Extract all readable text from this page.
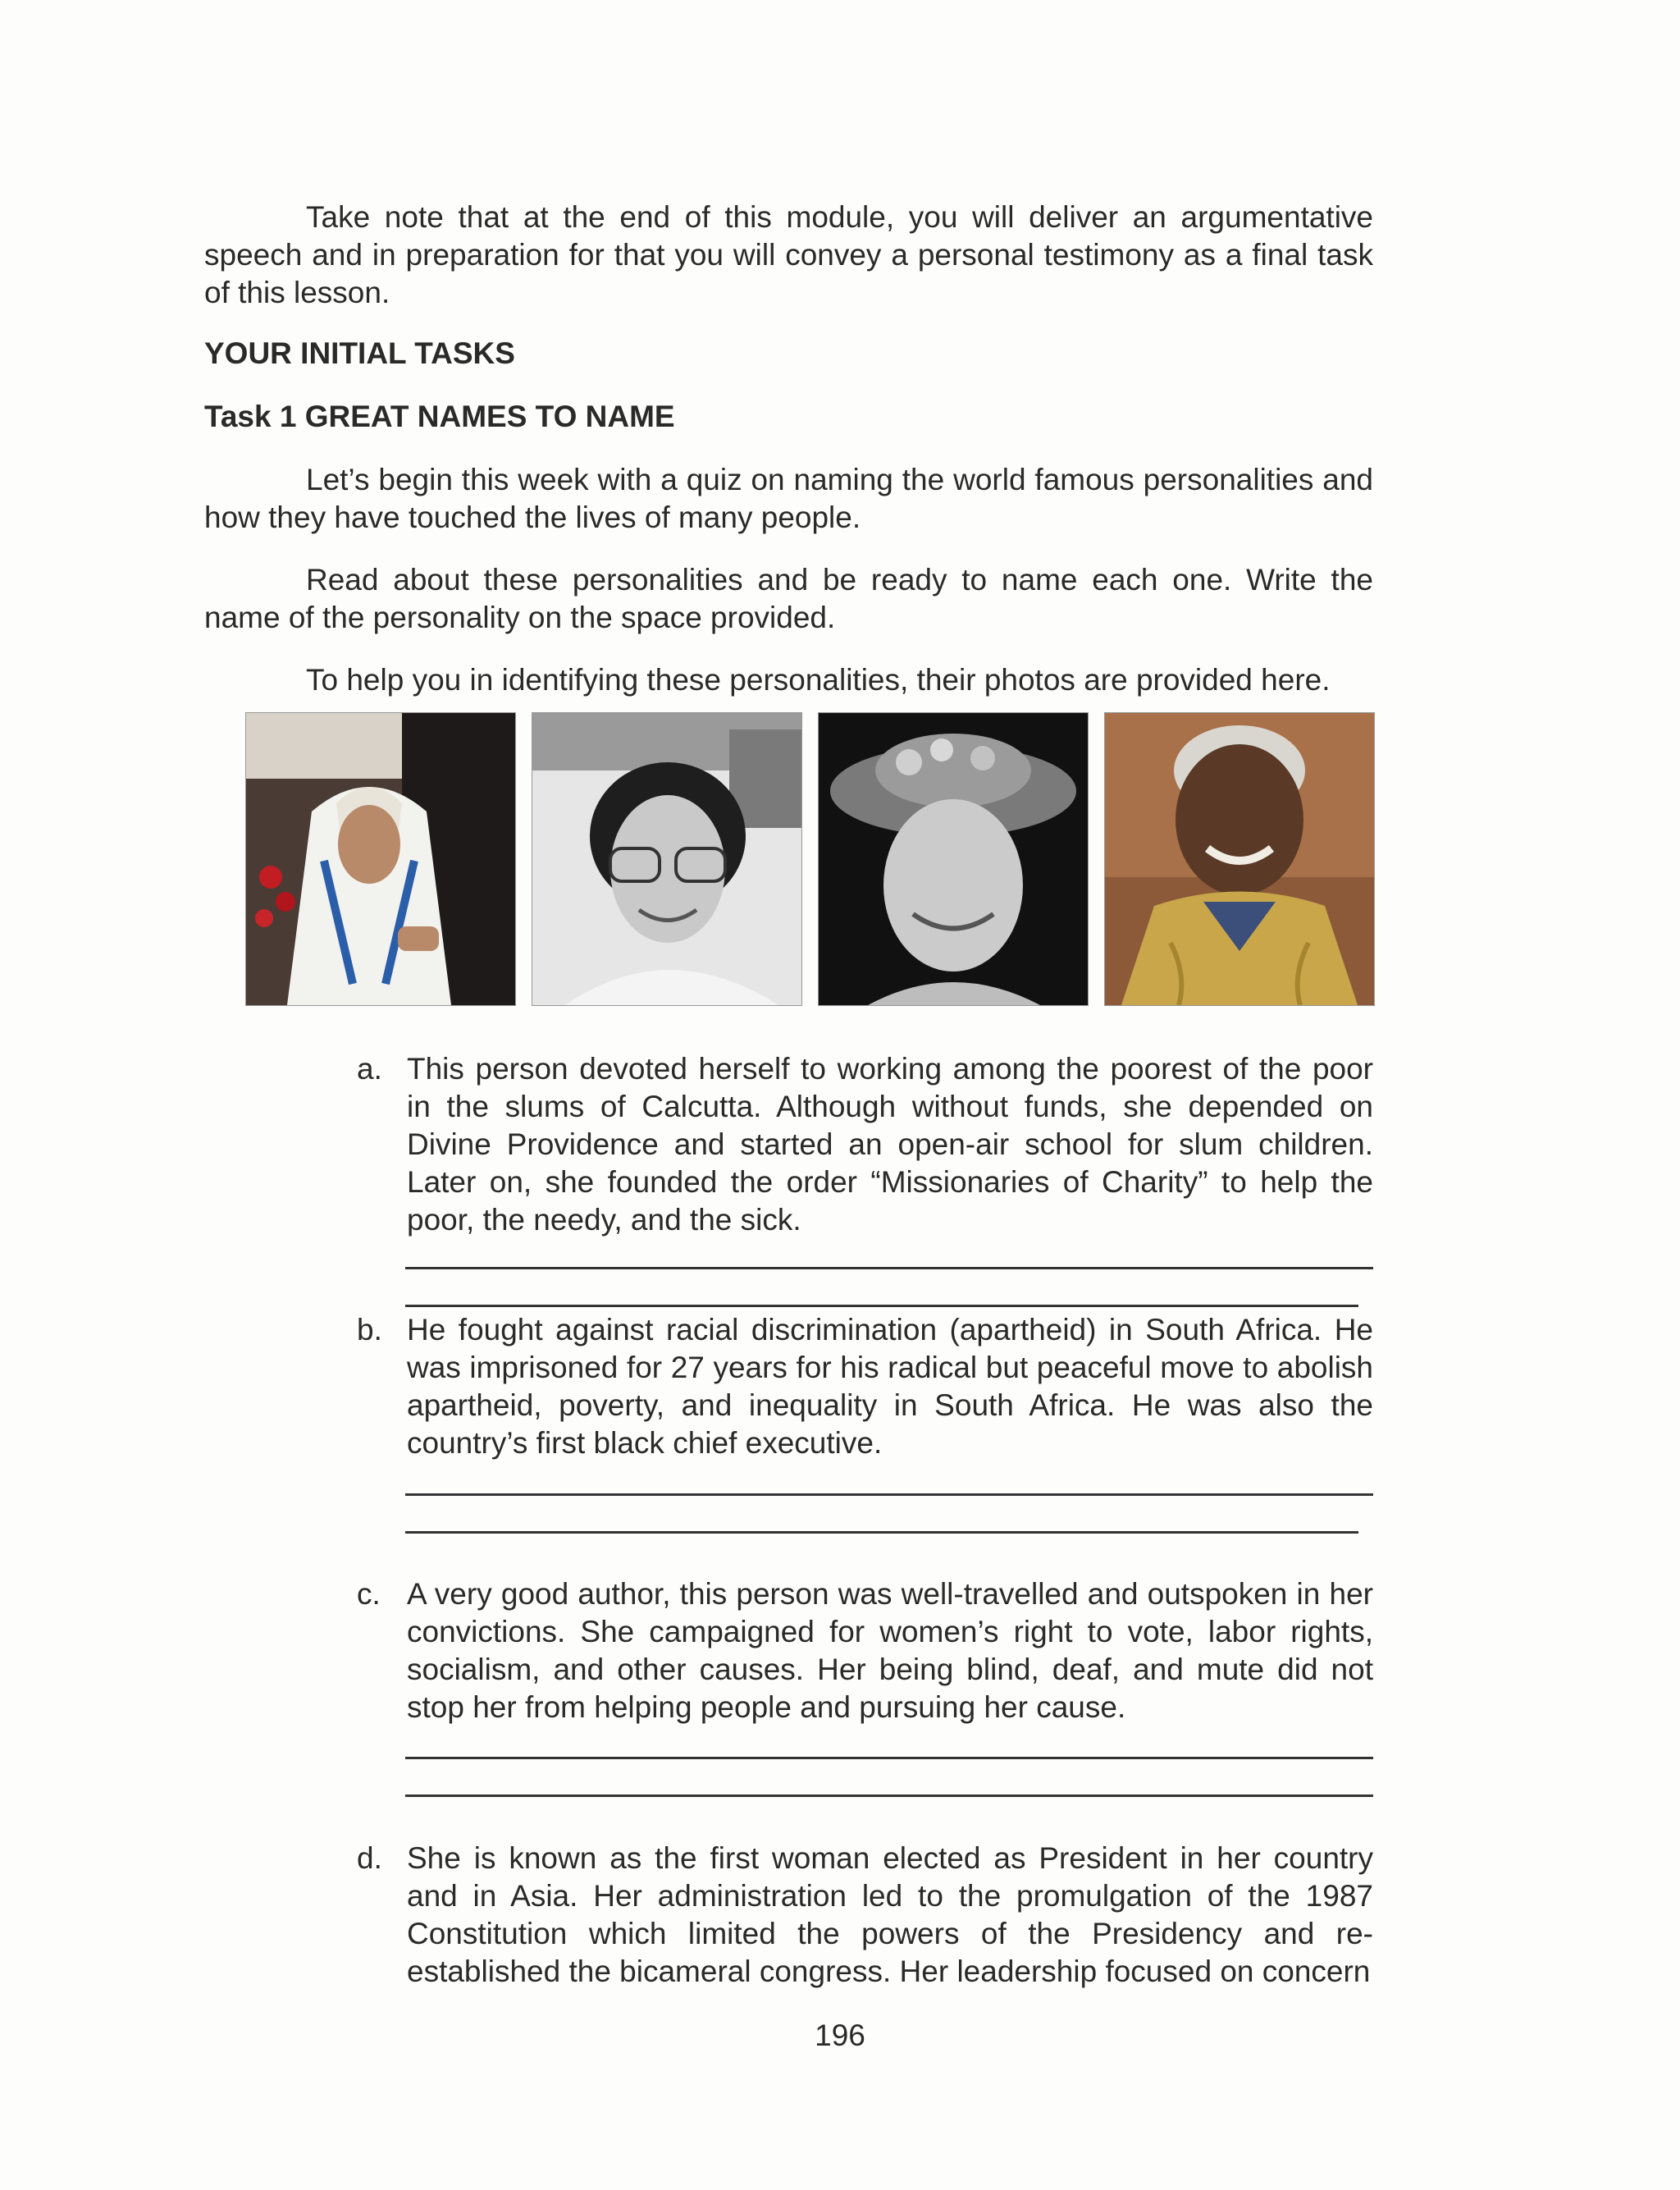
Take note that at the end of this module, you will deliver an argumentative speech and in preparation for that you will convey a personal testimony as a final task of this lesson.

YOUR INITIAL TASKS

Task 1 GREAT NAMES TO NAME

Let’s begin this week with a quiz on naming the world famous personalities and how they have touched the lives of many people.

Read about these personalities and be ready to name each one. Write the name of the personality on the space provided.

To help you in identifying these personalities, their photos are provided here.

a. This person devoted herself to working among the poorest of the poor in the slums of Calcutta. Although without funds, she depended on Divine Providence and started an open-air school for slum children. Later on, she founded the order “Missionaries of Charity” to help the poor, the needy, and the sick.

b. He fought against racial discrimination (apartheid) in South Africa. He was imprisoned for 27 years for his radical but peaceful move to abolish apartheid, poverty, and inequality in South Africa. He was also the country’s first black chief executive.

c. A very good author, this person was well-travelled and outspoken in her convictions. She campaigned for women’s right to vote, labor rights, socialism, and other causes. Her being blind, deaf, and mute did not stop her from helping people and pursuing her cause.

d. She is known as the first woman elected as President in her country and in Asia. Her administration led to the promulgation of the 1987 Constitution which limited the powers of the Presidency and re-established the bicameral congress. Her leadership focused on concern

196
